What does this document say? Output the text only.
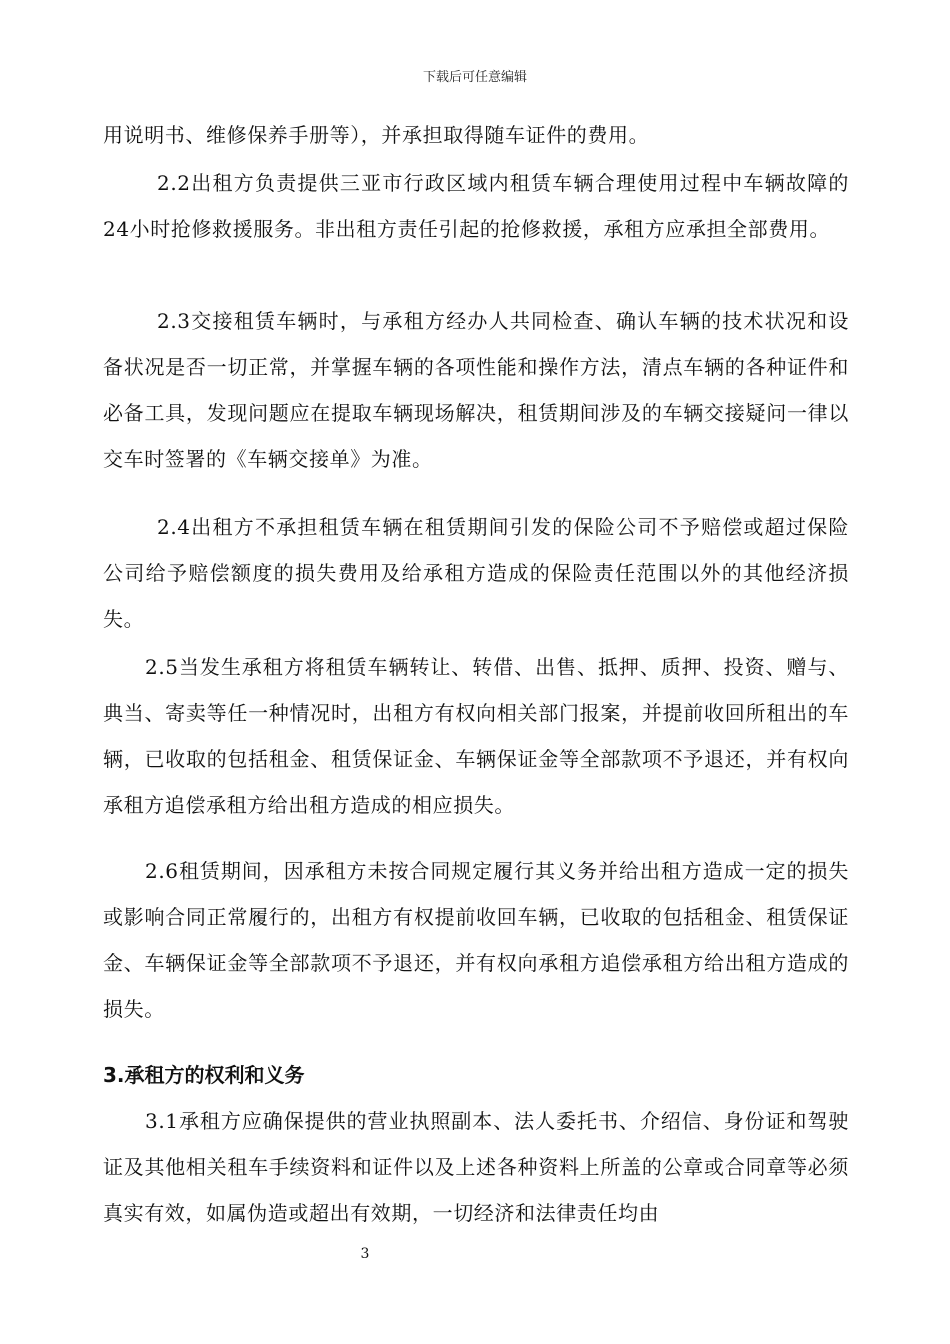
下载后可任意编辑

用说明书、维修保养手册等），并承担取得随车证件的费用。

2.2出租方负责提供三亚市行政区域内租赁车辆合理使用过程中车辆故障的24小时抢修救援服务。非出租方责任引起的抢修救援，承租方应承担全部费用。

2.3交接租赁车辆时，与承租方经办人共同检查、确认车辆的技术状况和设备状况是否一切正常，并掌握车辆的各项性能和操作方法，清点车辆的各种证件和必备工具，发现问题应在提取车辆现场解决，租赁期间涉及的车辆交接疑问一律以交车时签署的《车辆交接单》为准。

2.4出租方不承担租赁车辆在租赁期间引发的保险公司不予赔偿或超过保险公司给予赔偿额度的损失费用及给承租方造成的保险责任范围以外的其他经济损失。

2.5当发生承租方将租赁车辆转让、转借、出售、抵押、质押、投资、赠与、典当、寄卖等任一种情况时，出租方有权向相关部门报案，并提前收回所租出的车辆，已收取的包括租金、租赁保证金、车辆保证金等全部款项不予退还，并有权向承租方追偿承租方给出租方造成的相应损失。

2.6租赁期间，因承租方未按合同规定履行其义务并给出租方造成一定的损失或影响合同正常履行的，出租方有权提前收回车辆，已收取的包括租金、租赁保证金、车辆保证金等全部款项不予退还，并有权向承租方追偿承租方给出租方造成的损失。

3.承租方的权利和义务

3.1承租方应确保提供的营业执照副本、法人委托书、介绍信、身份证和驾驶证及其他相关租车手续资料和证件以及上述各种资料上所盖的公章或合同章等必须真实有效，如属伪造或超出有效期，一切经济和法律责任均由

3
